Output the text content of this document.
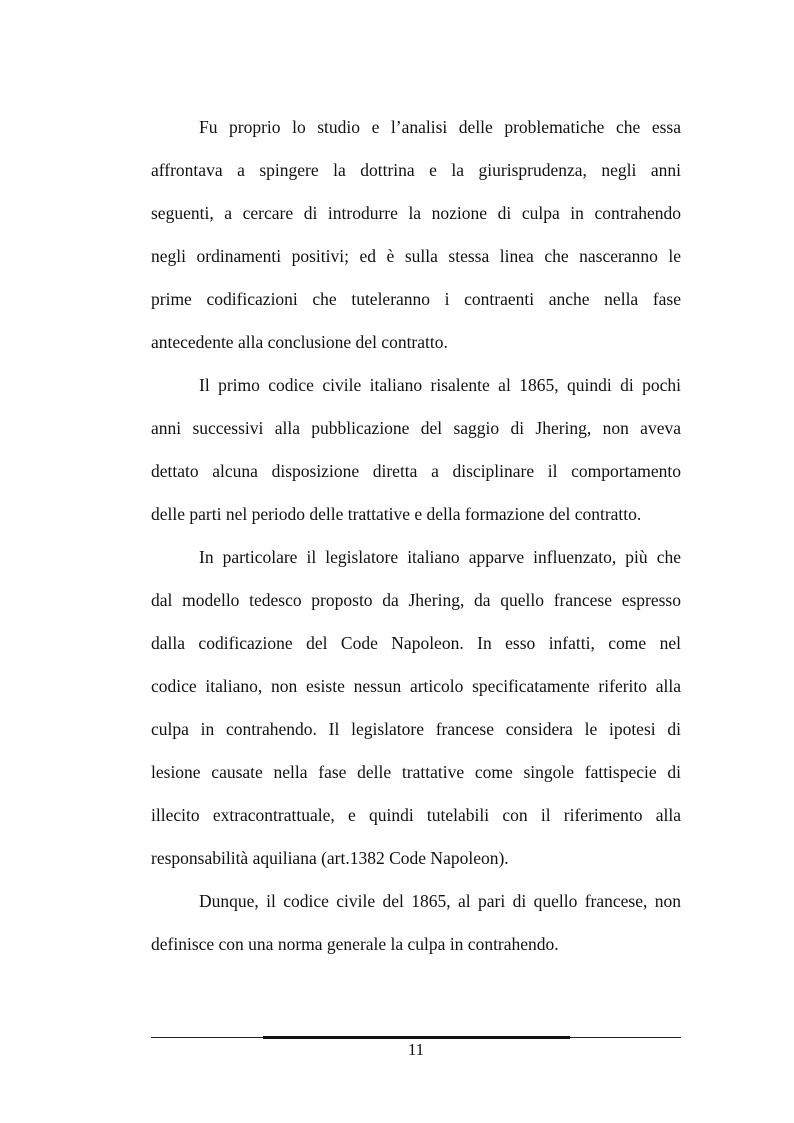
Fu proprio lo studio e l’analisi delle problematiche che essa
affrontava a spingere la dottrina e la giurisprudenza, negli anni
seguenti, a cercare di introdurre la nozione di culpa in contrahendo
negli ordinamenti positivi; ed è sulla stessa linea che nasceranno le
prime codificazioni che tuteleranno i contraenti anche nella fase
antecedente alla conclusione del contratto.

Il primo codice civile italiano risalente al 1865, quindi di pochi
anni successivi alla pubblicazione del saggio di Jhering, non aveva
dettato alcuna disposizione diretta a disciplinare il comportamento
delle parti nel periodo delle trattative e della formazione del contratto.

In particolare il legislatore italiano apparve influenzato, più che
dal modello tedesco proposto da Jhering, da quello francese espresso
dalla codificazione del Code Napoleon. In esso infatti, come nel
codice italiano, non esiste nessun articolo specificatamente riferito alla
culpa in contrahendo. Il legislatore francese considera le ipotesi di
lesione causate nella fase delle trattative come singole fattispecie di
illecito extracontrattuale, e quindi tutelabili con il riferimento alla
responsabilità aquiliana (art.1382 Code Napoleon).

Dunque, il codice civile del 1865, al pari di quello francese, non
definisce con una norma generale la culpa in contrahendo.

11
